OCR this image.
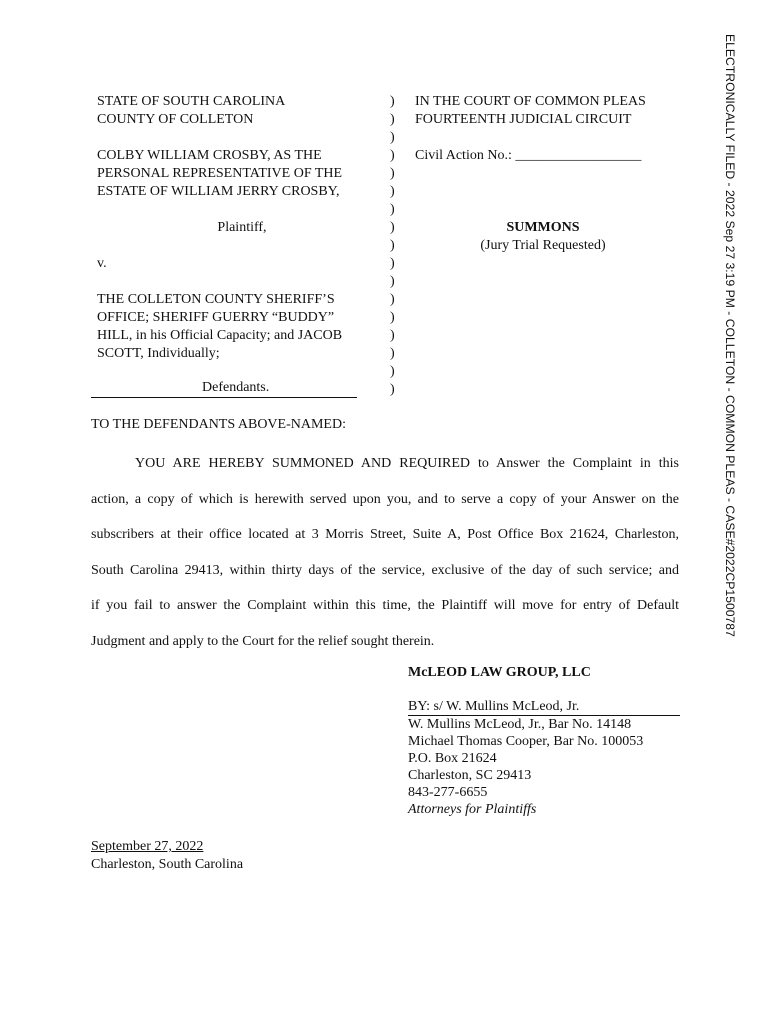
ELECTRONICALLY FILED - 2022 Sep 27 3:19 PM - COLLETON - COMMON PLEAS - CASE#2022CP1500787
STATE OF SOUTH CAROLINA
COUNTY OF COLLETON
COLBY WILLIAM CROSBY, AS THE
PERSONAL REPRESENTATIVE OF THE
ESTATE OF WILLIAM JERRY CROSBY,
Plaintiff,
v.
THE COLLETON COUNTY SHERIFF’S
OFFICE; SHERIFF GUERRY “BUDDY”
HILL, in his Official Capacity; and JACOB
SCOTT, Individually;
Defendants.
)
)
)
)
)
)
)
)
)
)
)
)
)
)
)
)
)
IN THE COURT OF COMMON PLEAS
FOURTEENTH JUDICIAL CIRCUIT
Civil Action No.: __________________
SUMMONS
(Jury Trial Requested)
TO THE DEFENDANTS ABOVE-NAMED:
YOU ARE HEREBY SUMMONED AND REQUIRED to Answer the Complaint in this
action, a copy of which is herewith served upon you, and to serve a copy of your Answer on the
subscribers at their office located at 3 Morris Street, Suite A, Post Office Box 21624, Charleston,
South Carolina 29413, within thirty days of the service, exclusive of the day of such service; and
if you fail to answer the Complaint within this time, the Plaintiff will move for entry of Default
Judgment and apply to the Court for the relief sought therein.
McLEOD LAW GROUP, LLC
BY: s/ W. Mullins McLeod, Jr.
W. Mullins McLeod, Jr., Bar No. 14148
Michael Thomas Cooper, Bar No. 100053
P.O. Box 21624
Charleston, SC 29413
843-277-6655
Attorneys for Plaintiffs
September 27, 2022
Charleston, South Carolina
